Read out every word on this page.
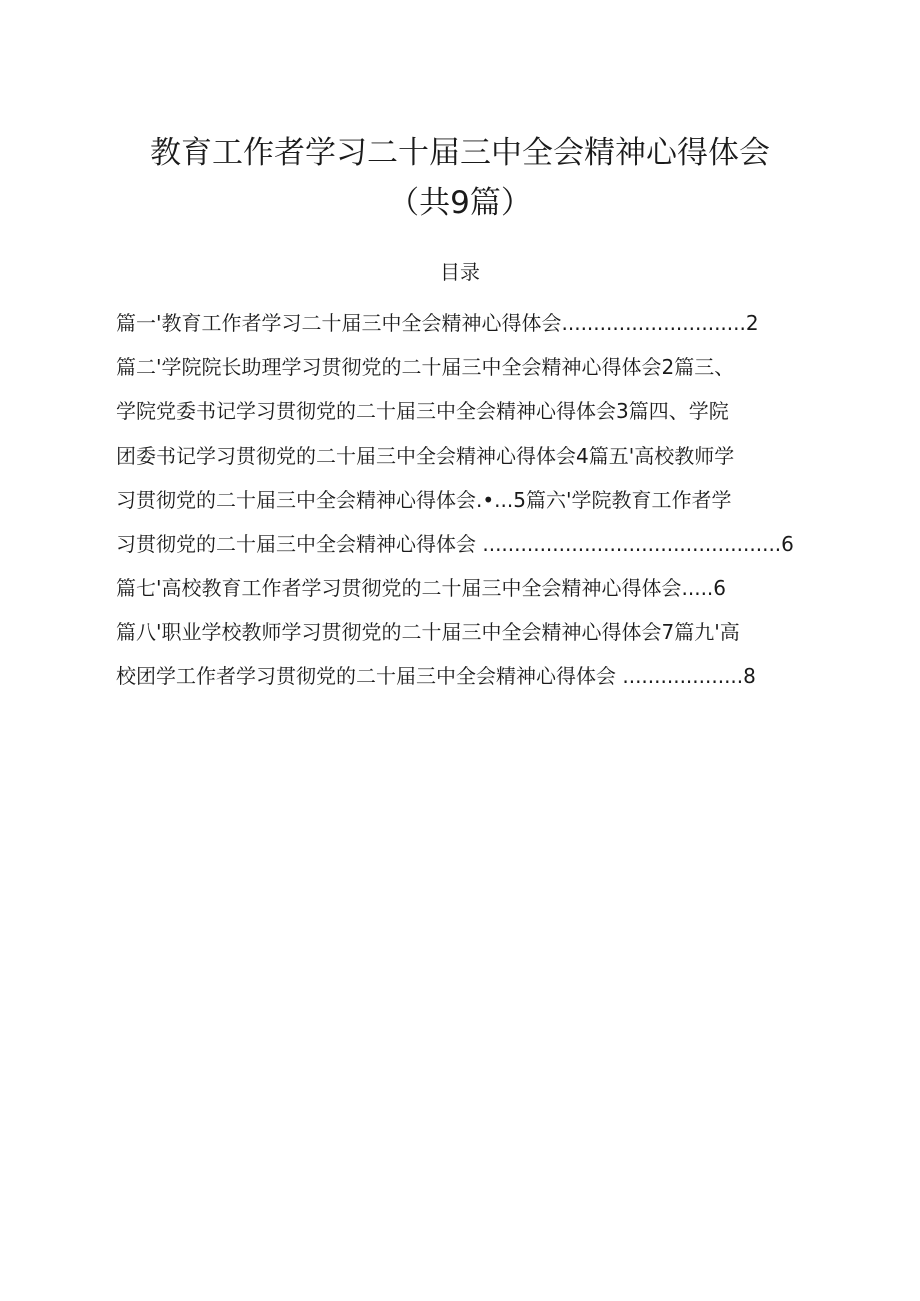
教育工作者学习二十届三中全会精神心得体会
（共9篇）
目录
篇一'教育工作者学习二十届三中全会精神心得体会.............................2
篇二'学院院长助理学习贯彻党的二十届三中全会精神心得体会2篇三、
学院党委书记学习贯彻党的二十届三中全会精神心得体会3篇四、学院
团委书记学习贯彻党的二十届三中全会精神心得体会4篇五'高校教师学
习贯彻党的二十届三中全会精神心得体会.•...5篇六'学院教育工作者学
习贯彻党的二十届三中全会精神心得体会 ...............................................6
篇七'高校教育工作者学习贯彻党的二十届三中全会精神心得体会.....6
篇八'职业学校教师学习贯彻党的二十届三中全会精神心得体会7篇九'高
校团学工作者学习贯彻党的二十届三中全会精神心得体会 ...................8
